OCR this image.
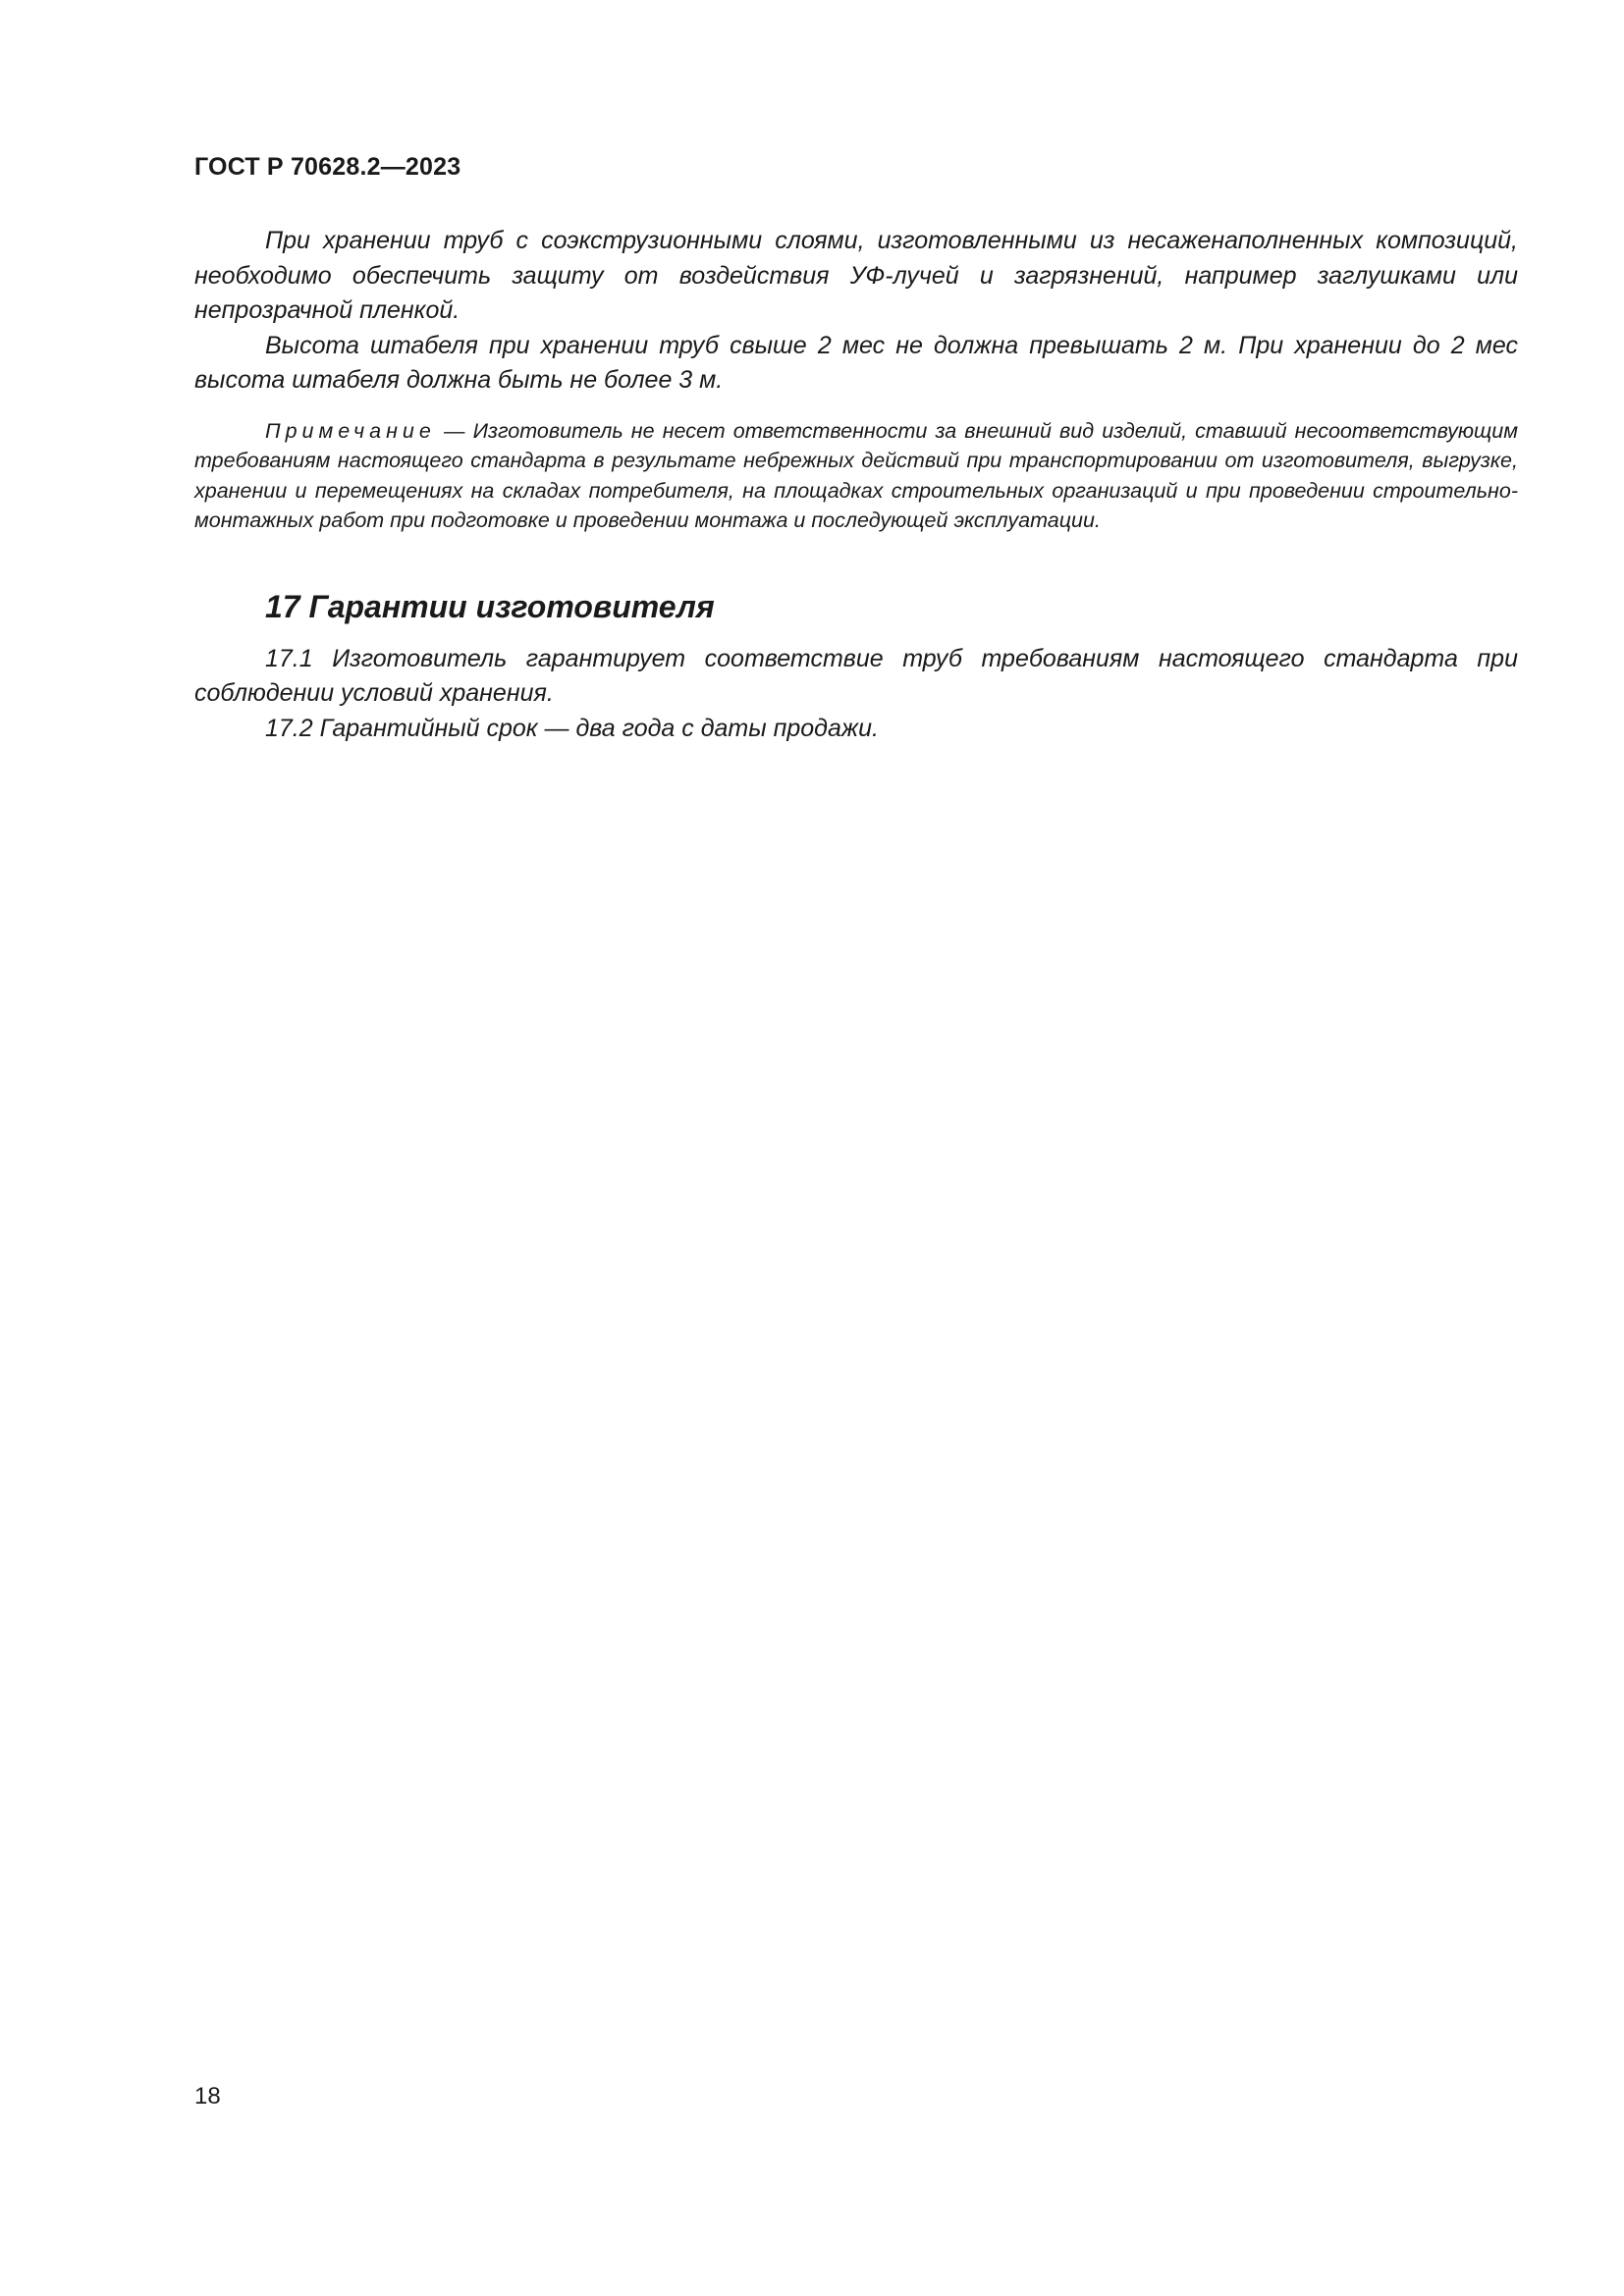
ГОСТ Р 70628.2—2023

При хранении труб с соэкструзионными слоями, изготовленными из несаженаполненных композиций, необходимо обеспечить защиту от воздействия УФ-лучей и загрязнений, например заглушками или непрозрачной пленкой.

Высота штабеля при хранении труб свыше 2 мес не должна превышать 2 м. При хранении до 2 мес высота штабеля должна быть не более 3 м.

Примечание — Изготовитель не несет ответственности за внешний вид изделий, ставший несоответствующим требованиям настоящего стандарта в результате небрежных действий при транспортировании от изготовителя, выгрузке, хранении и перемещениях на складах потребителя, на площадках строительных организаций и при проведении строительно-монтажных работ при подготовке и проведении монтажа и последующей эксплуатации.

17 Гарантии изготовителя

17.1 Изготовитель гарантирует соответствие труб требованиям настоящего стандарта при соблюдении условий хранения.

17.2 Гарантийный срок — два года с даты продажи.

18
